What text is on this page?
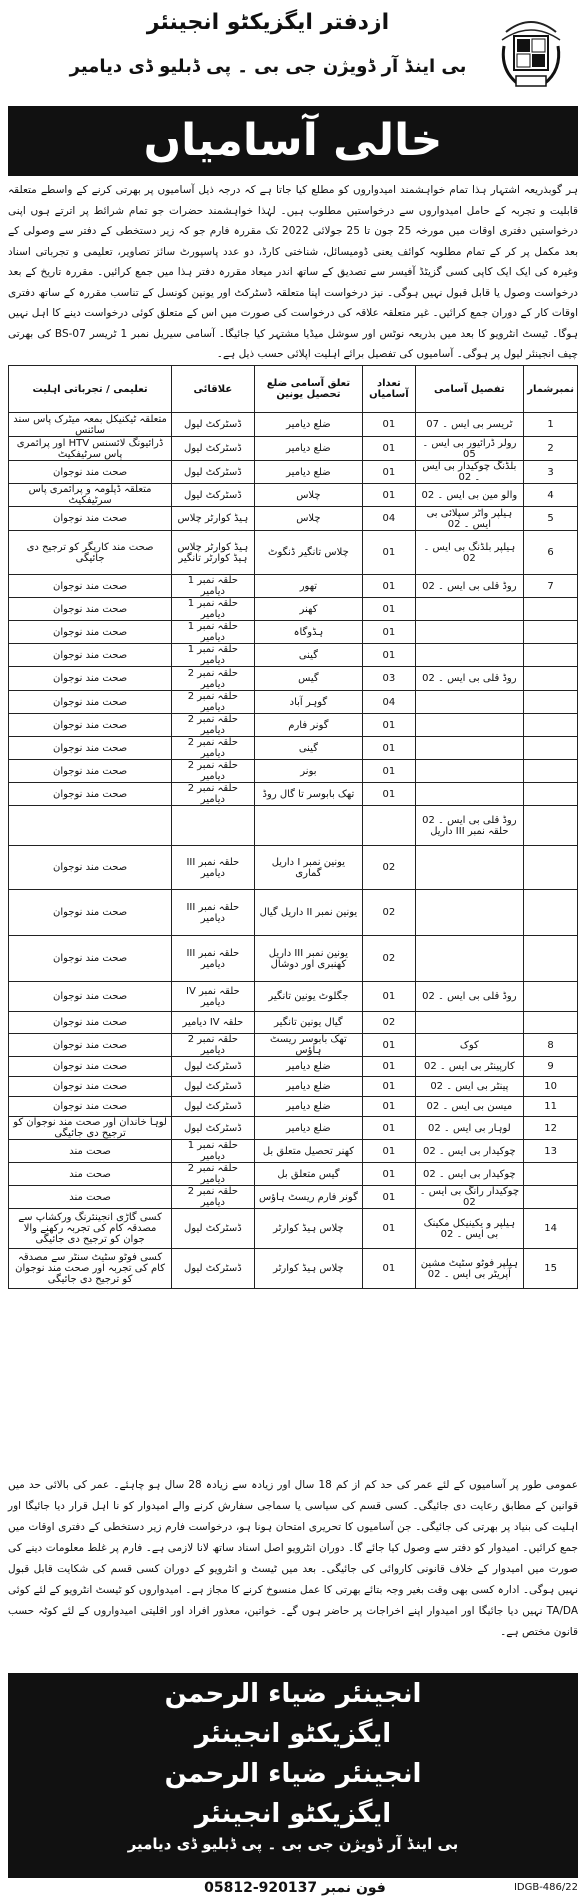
ازدفتر ایگزیکٹو انجینئر
بی اینڈ آر ڈویژن جی بی ۔ پی ڈبلیو ڈی دیامیر
خالی آسامیاں
ہر گوبذریعہ اشتہار ہذا تمام خواہشمند امیدواروں کو مطلع کیا جاتا ہے کہ درجہ ذیل آسامیوں پر بھرتی کرنے کے واسطے متعلقہ قابلیت و تجربہ کے حامل امیدواروں سے درخواستیں مطلوب ہیں۔ لہٰذا خواہشمند حضرات جو تمام شرائط پر اترتے ہوں اپنی درخواستیں دفتری اوقات میں مورخہ 25 جون تا 25 جولائی 2022 تک مقررہ فارم جو کہ زیر دستخطی کے دفتر سے وصولی کے بعد مکمل پر کر کے تمام مطلوبہ کوائف یعنی ڈومیسائل، شناختی کارڈ، دو عدد پاسپورٹ سائز تصاویر، تعلیمی و تجرباتی اسناد وغیرہ کی ایک ایک کاپی کسی گزیٹڈ آفیسر سے تصدیق کے ساتھ اندر میعاد مقررہ دفتر ہذا میں جمع کرائیں۔ مقررہ تاریخ کے بعد درخواست وصول یا قابل قبول نہیں ہوگی۔ نیز درخواست اپنا متعلقہ ڈسٹرکٹ اور یونین کونسل کے تناسب مقررہ کے ساتھ دفتری اوقات کار کے دوران جمع کرائیں۔ غیر متعلقہ علاقہ کی درخواست کی صورت میں اس کے متعلق کوئی درخواست دینے کا اہل نہیں ہوگا۔ ٹیسٹ انٹرویو کا بعد میں بذریعہ نوٹس اور سوشل میڈیا مشتہر کیا جائیگا۔ آسامی سیریل نمبر 1 ٹریسر BS-07 کی بھرتی چیف انجینئر لیول پر ہوگی۔ آسامیوں کی تفصیل برائے اہلیت اپلائی حسب ذیل ہے۔
نمبرشمار	تفصیل آسامی	تعداد آسامیاں	تعلق آسامی ضلع تحصیل یونین	علاقائی	تعلیمی / تجرباتی اہلیت
1	ٹریسر بی ایس ۔ 07	01	ضلع دیامیر	ڈسٹرکٹ لیول	متعلقہ ٹیکنیکل بمعہ میٹرک پاس سند سائنس
2	رولر ڈرائیور بی ایس ۔ 05	01	ضلع دیامیر	ڈسٹرکٹ لیول	ڈرائیونگ لائسنس HTV اور پرائمری پاس سرٹیفکیٹ
3	بلڈنگ چوکیدار بی ایس ۔ 02	01	ضلع دیامیر	ڈسٹرکٹ لیول	صحت مند نوجوان
4	والو مین بی ایس ۔ 02	01	چلاس	ڈسٹرکٹ لیول	متعلقہ ڈپلومہ و پرائمری پاس سرٹیفکیٹ
5	ہیلپر واٹر سپلائی بی ایس ۔ 02	04	چلاس	ہیڈ کوارٹر چلاس	صحت مند نوجوان
6	ہیلپر بلڈنگ بی ایس ۔ 02	01	چلاس تانگیر ڈنگوٹ	ہیڈ کوارٹر چلاس ہیڈ کوارٹر تانگیر	صحت مند کاریگر کو ترجیح دی جائیگی
7	روڈ قلی بی ایس ۔ 02	01	تھور	حلقہ نمبر 1 دیامیر	صحت مند نوجوان
		01	کھنر	حلقہ نمبر 1 دیامیر	صحت مند نوجوان
		01	ہڈوگاہ	حلقہ نمبر 1 دیامیر	صحت مند نوجوان
		01	گینی	حلقہ نمبر 1 دیامیر	صحت مند نوجوان
	روڈ قلی بی ایس ۔ 02	03	گیس	حلقہ نمبر 2 دیامیر	صحت مند نوجوان
		04	گوہر آباد	حلقہ نمبر 2 دیامیر	صحت مند نوجوان
		01	گونر فارم	حلقہ نمبر 2 دیامیر	صحت مند نوجوان
		01	گینی	حلقہ نمبر 2 دیامیر	صحت مند نوجوان
		01	بونر	حلقہ نمبر 2 دیامیر	صحت مند نوجوان
		01	تھک بابوسر تا گال روڈ	حلقہ نمبر 2 دیامیر	صحت مند نوجوان
	روڈ قلی بی ایس ۔ 02 حلقہ نمبر III داریل				
		02	یونین نمبر I داریل گماری	حلقہ نمبر III دیامیر	صحت مند نوجوان
		02	یونین نمبر II داریل گیال	حلقہ نمبر III دیامیر	صحت مند نوجوان
		02	یونین نمبر III داریل کھنبری اور دوشال	حلقہ نمبر III دیامیر	صحت مند نوجوان
	روڈ قلی بی ایس ۔ 02	01	جگلوٹ یونین تانگیر	حلقہ نمبر IV دیامیر	صحت مند نوجوان
		02	گیال یونین تانگیر	حلقہ IV دیامیر	صحت مند نوجوان
8	کوک	01	تھک بابوسر ریسٹ ہاؤس	حلقہ نمبر 2 دیامیر	صحت مند نوجوان
9	کارپینٹر بی ایس ۔ 02	01	ضلع دیامیر	ڈسٹرکٹ لیول	صحت مند نوجوان
10	پینٹر بی ایس ۔ 02	01	ضلع دیامیر	ڈسٹرکٹ لیول	صحت مند نوجوان
11	میسن بی ایس ۔ 02	01	ضلع دیامیر	ڈسٹرکٹ لیول	صحت مند نوجوان
12	لوہار بی ایس ۔ 02	01	ضلع دیامیر	ڈسٹرکٹ لیول	لوہا خاندان اور صحت مند نوجوان کو ترجیح دی جائیگی
13	چوکیدار بی ایس ۔ 02	01	کھنر تحصیل متعلق بل	حلقہ نمبر 1 دیامیر	صحت مند
	چوکیدار بی ایس ۔ 02	01	گیس متعلق بل	حلقہ نمبر 2 دیامیر	صحت مند
	چوکیدار رانگ بی ایس ۔ 02	01	گونر فارم ریسٹ ہاؤس	حلقہ نمبر 2 دیامیر	صحت مند
14	ہیلپر و یکینیکل مکینک بی ایس ۔ 02	01	چلاس ہیڈ کوارٹر	ڈسٹرکٹ لیول	کسی گاڑی انجینئرنگ ورکشاپ سے مصدقہ کام کی تجربہ رکھنے والا جوان کو ترجیح دی جائیگی
15	ہیلپر فوٹو سٹیٹ مشین آپریٹر بی ایس ۔ 02	01	چلاس ہیڈ کوارٹر	ڈسٹرکٹ لیول	کسی فوٹو سٹیٹ سنٹر سے مصدقہ کام کی تجربہ اور صحت مند نوجوان کو ترجیح دی جائیگی
عمومی طور پر آسامیوں کے لئے عمر کی حد کم از کم 18 سال اور زیادہ سے زیادہ 28 سال ہو چاہئے۔ عمر کی بالائی حد میں قوانین کے مطابق رعایت دی جائیگی۔ کسی قسم کی سیاسی یا سماجی سفارش کرنے والے امیدوار کو نا اہل قرار دیا جائیگا اور اہلیت کی بنیاد پر بھرتی کی جائیگی۔ جن آسامیوں کا تحریری امتحان ہونا ہو، درخواست فارم زیر دستخطی کے دفتری اوقات میں جمع کرائیں۔ امیدوار کو دفتر سے وصول کیا جائے گا۔ دوران انٹرویو اصل اسناد ساتھ لانا لازمی ہے۔ فارم پر غلط معلومات دینے کی صورت میں امیدوار کے خلاف قانونی کاروائی کی جائیگی۔ بعد میں ٹیسٹ و انٹرویو کے دوران کسی قسم کی شکایت قابل قبول نہیں ہوگی۔ ادارہ کسی بھی وقت بغیر وجہ بتائے بھرتی کا عمل منسوخ کرنے کا مجاز ہے۔ امیدواروں کو ٹیسٹ انٹرویو کے لئے کوئی TA/DA نہیں دیا جائیگا اور امیدوار اپنے اخراجات پر حاضر ہوں گے۔ خواتین، معذور افراد اور اقلیتی امیدواروں کے لئے کوٹہ حسب قانون مختص ہے۔
انجینئر ضیاء الرحمن
ایگزیکٹو انجینئر
انجینئر ضیاء الرحمن
ایگزیکٹو انجینئر
بی اینڈ آر ڈویژن جی بی ۔ پی ڈبلیو ڈی دیامیر
فون نمبر 920137-05812	IDGB-486/22
